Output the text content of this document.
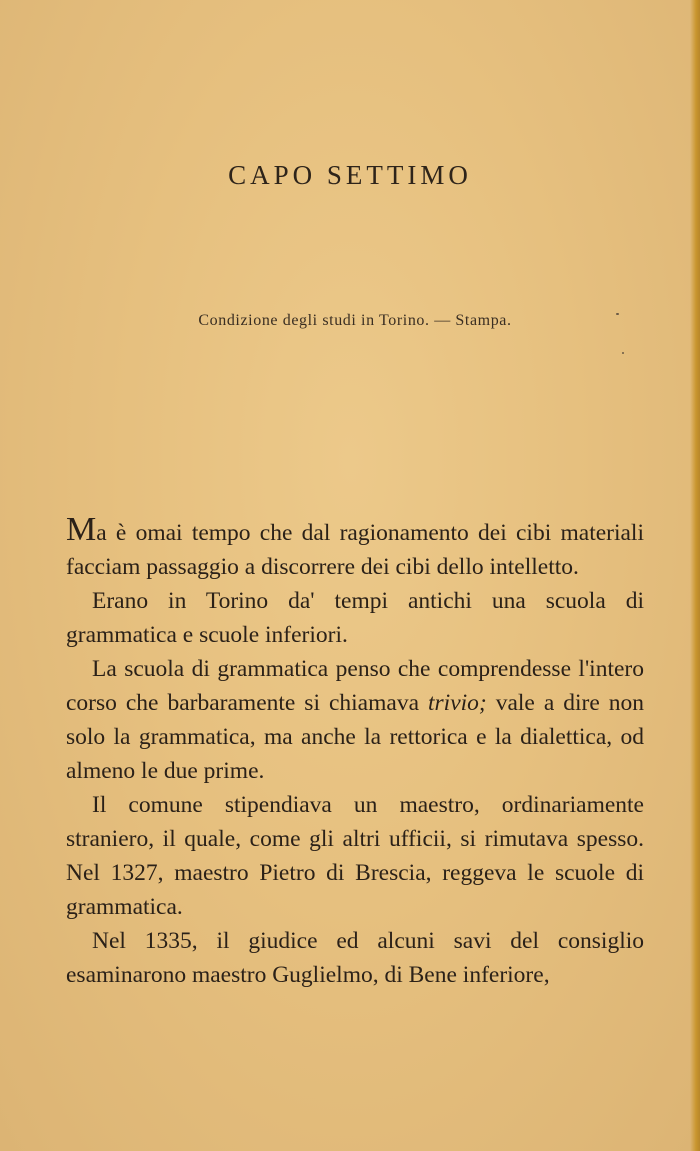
CAPO SETTIMO
Condizione degli studi in Torino. — Stampa.

Ma è omai tempo che dal ragionamento dei cibi materiali facciam passaggio a discorrere dei cibi dello intelletto.

Erano in Torino da' tempi antichi una scuola di grammatica e scuole inferiori.

La scuola di grammatica penso che comprendesse l'intero corso che barbaramente si chiamava trivio; vale a dire non solo la grammatica, ma anche la rettorica e la dialettica, od almeno le due prime.

Il comune stipendiava un maestro, ordinariamente straniero, il quale, come gli altri ufficii, si rimutava spesso. Nel 1327, maestro Pietro di Brescia, reggeva le scuole di grammatica.

Nel 1335, il giudice ed alcuni savi del consiglio esaminarono maestro Guglielmo, di Bene inferiore,
